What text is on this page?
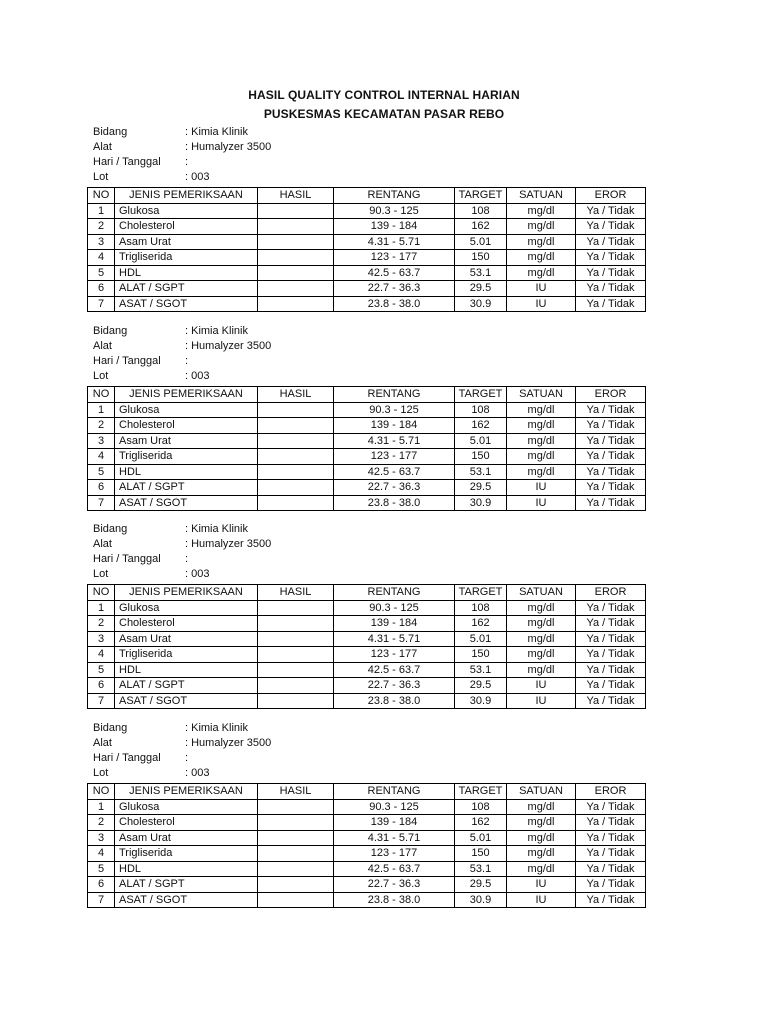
HASIL QUALITY CONTROL INTERNAL HARIAN
PUSKESMAS KECAMATAN PASAR REBO
Bidang	: Kimia Klinik
Alat	: Humalyzer 3500
Hari / Tanggal :
Lot	: 003
NO	JENIS PEMERIKSAAN	HASIL	RENTANG	TARGET	SATUAN	EROR
1	Glukosa		90.3 - 125	108	mg/dl	Ya / Tidak
2	Cholesterol		139 - 184	162	mg/dl	Ya / Tidak
3	Asam Urat		4.31 - 5.71	5.01	mg/dl	Ya / Tidak
4	Trigliserida		123 - 177	150	mg/dl	Ya / Tidak
5	HDL		42.5 - 63.7	53.1	mg/dl	Ya / Tidak
6	ALAT / SGPT		22.7 - 36.3	29.5	IU	Ya / Tidak
7	ASAT / SGOT		23.8 - 38.0	30.9	IU	Ya / Tidak
Bidang	: Kimia Klinik
Alat	: Humalyzer 3500
Hari / Tanggal :
Lot	: 003
NO	JENIS PEMERIKSAAN	HASIL	RENTANG	TARGET	SATUAN	EROR
1	Glukosa		90.3 - 125	108	mg/dl	Ya / Tidak
2	Cholesterol		139 - 184	162	mg/dl	Ya / Tidak
3	Asam Urat		4.31 - 5.71	5.01	mg/dl	Ya / Tidak
4	Trigliserida		123 - 177	150	mg/dl	Ya / Tidak
5	HDL		42.5 - 63.7	53.1	mg/dl	Ya / Tidak
6	ALAT / SGPT		22.7 - 36.3	29.5	IU	Ya / Tidak
7	ASAT / SGOT		23.8 - 38.0	30.9	IU	Ya / Tidak
Bidang	: Kimia Klinik
Alat	: Humalyzer 3500
Hari / Tanggal :
Lot	: 003
NO	JENIS PEMERIKSAAN	HASIL	RENTANG	TARGET	SATUAN	EROR
1	Glukosa		90.3 - 125	108	mg/dl	Ya / Tidak
2	Cholesterol		139 - 184	162	mg/dl	Ya / Tidak
3	Asam Urat		4.31 - 5.71	5.01	mg/dl	Ya / Tidak
4	Trigliserida		123 - 177	150	mg/dl	Ya / Tidak
5	HDL		42.5 - 63.7	53.1	mg/dl	Ya / Tidak
6	ALAT / SGPT		22.7 - 36.3	29.5	IU	Ya / Tidak
7	ASAT / SGOT		23.8 - 38.0	30.9	IU	Ya / Tidak
Bidang	: Kimia Klinik
Alat	: Humalyzer 3500
Hari / Tanggal :
Lot	: 003
NO	JENIS PEMERIKSAAN	HASIL	RENTANG	TARGET	SATUAN	EROR
1	Glukosa		90.3 - 125	108	mg/dl	Ya / Tidak
2	Cholesterol		139 - 184	162	mg/dl	Ya / Tidak
3	Asam Urat		4.31 - 5.71	5.01	mg/dl	Ya / Tidak
4	Trigliserida		123 - 177	150	mg/dl	Ya / Tidak
5	HDL		42.5 - 63.7	53.1	mg/dl	Ya / Tidak
6	ALAT / SGPT		22.7 - 36.3	29.5	IU	Ya / Tidak
7	ASAT / SGOT		23.8 - 38.0	30.9	IU	Ya / Tidak
